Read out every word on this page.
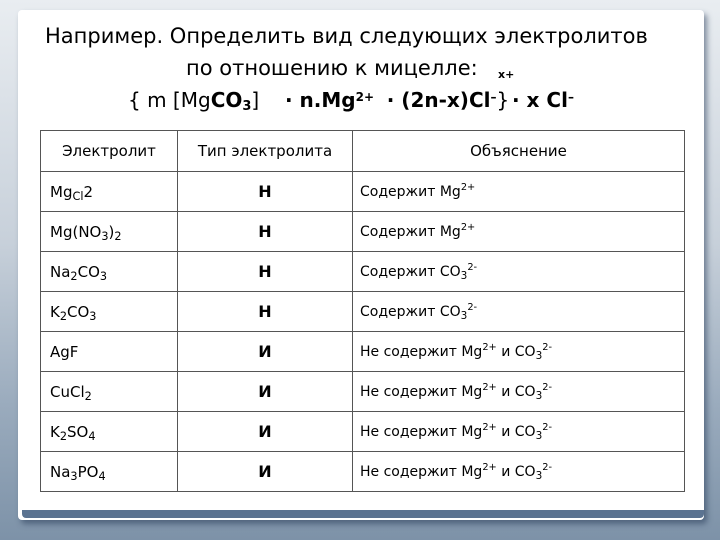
Например. Определить вид следующих электролитов
по отношению к мицелле: x+
{ m [MgCO$_3$] · $n.Mg^{2+} \cdot (2n-x)Cl^-\} \cdot x$ Cl–
Электролит	Тип электролита	Объяснение
$Mg_{Cl}2$	Н	Содержит $Mg^{2+}$
$Mg(NO_3)_2$	Н	Содержит $Mg^{2+}$
$Na_2CO_3$	Н	Содержит $CO_3^{2-}$
$K_2CO_3$	Н	Содержит $CO_3^{2-}$
AgF	И	Не содержит $Mg^{2+}$ и $CO_3^{2-}$
CuCl$_2$	И	Не содержит $Mg^{2+}$ и $CO_3^{2-}$
$K_2SO_4$	И	Не содержит $Mg^{2+}$ и $CO_3^{2-}$
$Na_3PO_4$	И	Не содержит $Mg^{2+}$ и $CO_3^{2-}$
